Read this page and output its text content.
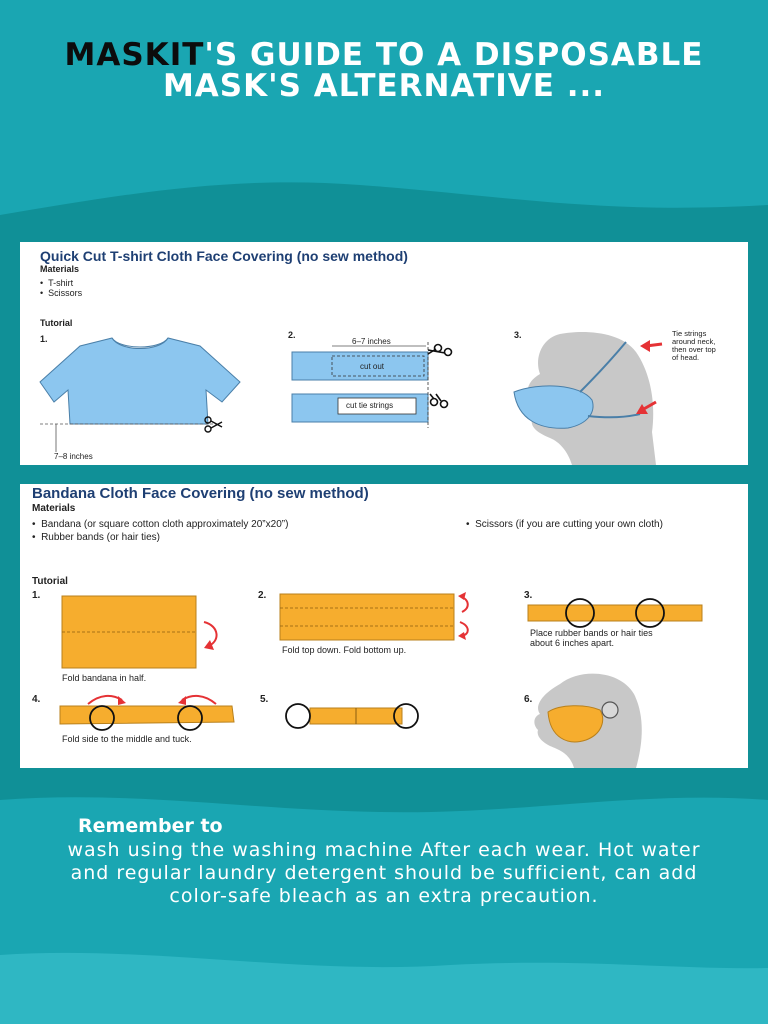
MASKIT'S GUIDE TO A DISPOSABLE MASK'S ALTERNATIVE ...
Quick Cut T-shirt Cloth Face Covering (no sew method)
Materials
•  T-shirt
•  Scissors
Tutorial
1.	2.	3.
7–8 inches
6–7 inches
cut out
cut tie strings
Tie strings
around neck,
then over top
of head.
Bandana Cloth Face Covering (no sew method)
Materials
•  Bandana (or square cotton cloth approximately 20”x20”)
•  Rubber bands (or hair ties)
•  Scissors (if you are cutting your own cloth)
Tutorial
1.	2.	3.
4.	5.	6.
Fold bandana in half.
Fold top down. Fold bottom up.
Place rubber bands or hair ties
about 6 inches apart.
Fold side to the middle and tuck.
Remember to
wash using the washing machine After each wear. Hot water and regular laundry detergent should be sufficient, can add color-safe bleach as an extra precaution.
